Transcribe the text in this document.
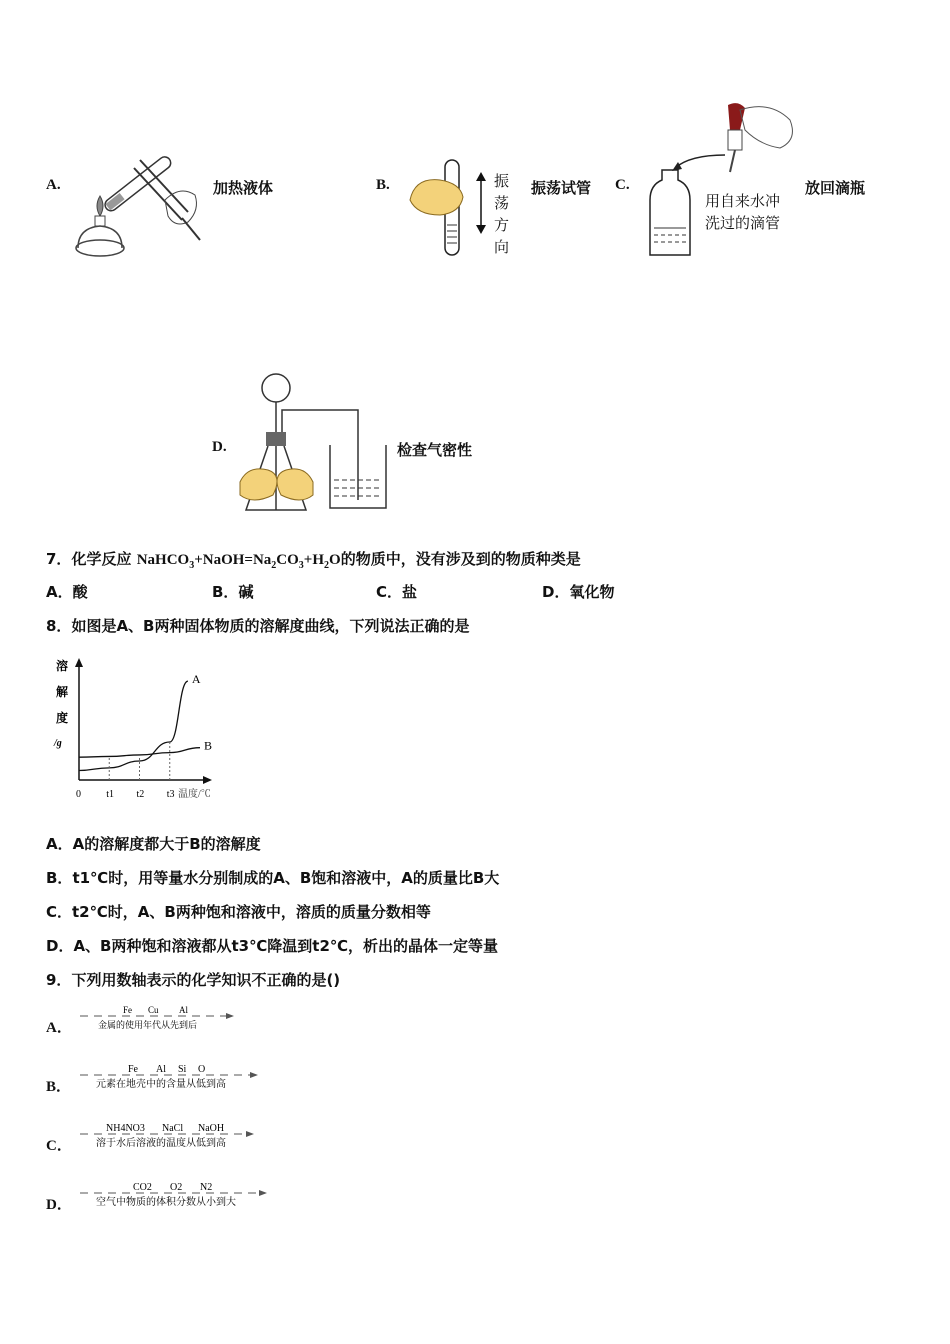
A.	加热液体	B.	振
荡
方
向
振荡试管 C.
用自来水冲
洗过的滴管
放回滴瓶
D.	检查气密性
7．化学反应 $NaHCO_3+NaOH=Na_2CO_3+H_2O$的物质中，没有涉及到的物质种类是
A．酸	B．碱	C．盐	D．氧化物
8．如图是A、B两种固体物质的溶解度曲线，下列说法正确的是
溶
解
度
/g
A
B
0	t1 t2 t3 温度/℃
A．A的溶解度都大于B的溶解度
B．t1℃时，用等量水分别制成的A、B饱和溶液中，A的质量比B大
C．t2℃时，A、B两种饱和溶液中，溶质的质量分数相等
D．A、B两种饱和溶液都从t3℃降温到t2℃，析出的晶体一定等量
9．下列用数轴表示的化学知识不正确的是()
A．
Fe Cu Al
金属的使用年代从先到后
B．
Fe Al Si O
元素在地壳中的含量从低到高
C．
NH4NO3 NaCl NaOH
溶于水后溶液的温度从低到高
D．
CO2 O2 N2
空气中物质的体积分数从小到大
